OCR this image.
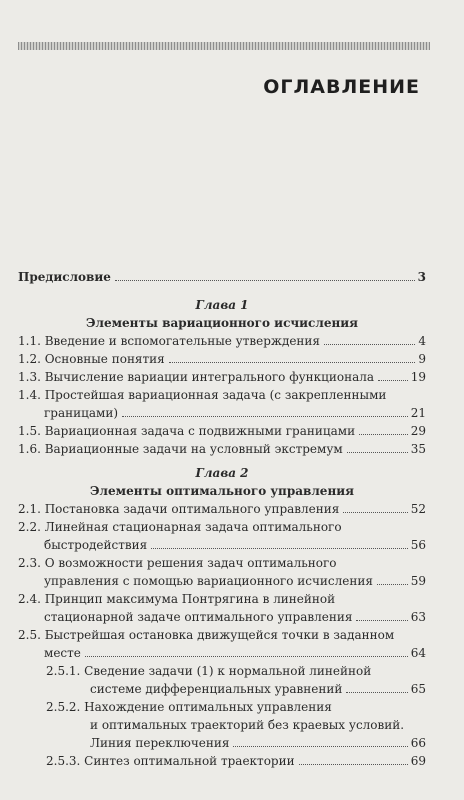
ОГЛАВЛЕНИЕ
Предисловие	3
Глава 1
Элементы вариационного исчисления
1.1. Введение и вспомогательные утверждения	4
1.2. Основные понятия	9
1.3. Вычисление вариации интегрального функционала	19
1.4. Простейшая вариационная задача (с закрепленными
границами)	21
1.5. Вариационная задача с подвижными границами	29
1.6. Вариационные задачи на условный экстремум	35
Глава 2
Элементы оптимального управления
2.1. Постановка задачи оптимального управления	52
2.2. Линейная стационарная задача оптимального
быстродействия	56
2.3. О возможности решения задач оптимального
управления с помощью вариационного исчисления	59
2.4. Принцип максимума Понтрягина в линейной
стационарной задаче оптимального управления	63
2.5. Быстрейшая остановка движущейся точки в заданном
месте	64
2.5.1. Сведение задачи (1) к нормальной линейной
системе дифференциальных уравнений	65
2.5.2. Нахождение оптимальных управления
и оптимальных траекторий без краевых условий.
Линия переключения	66
2.5.3. Синтез оптимальной траектории	69
